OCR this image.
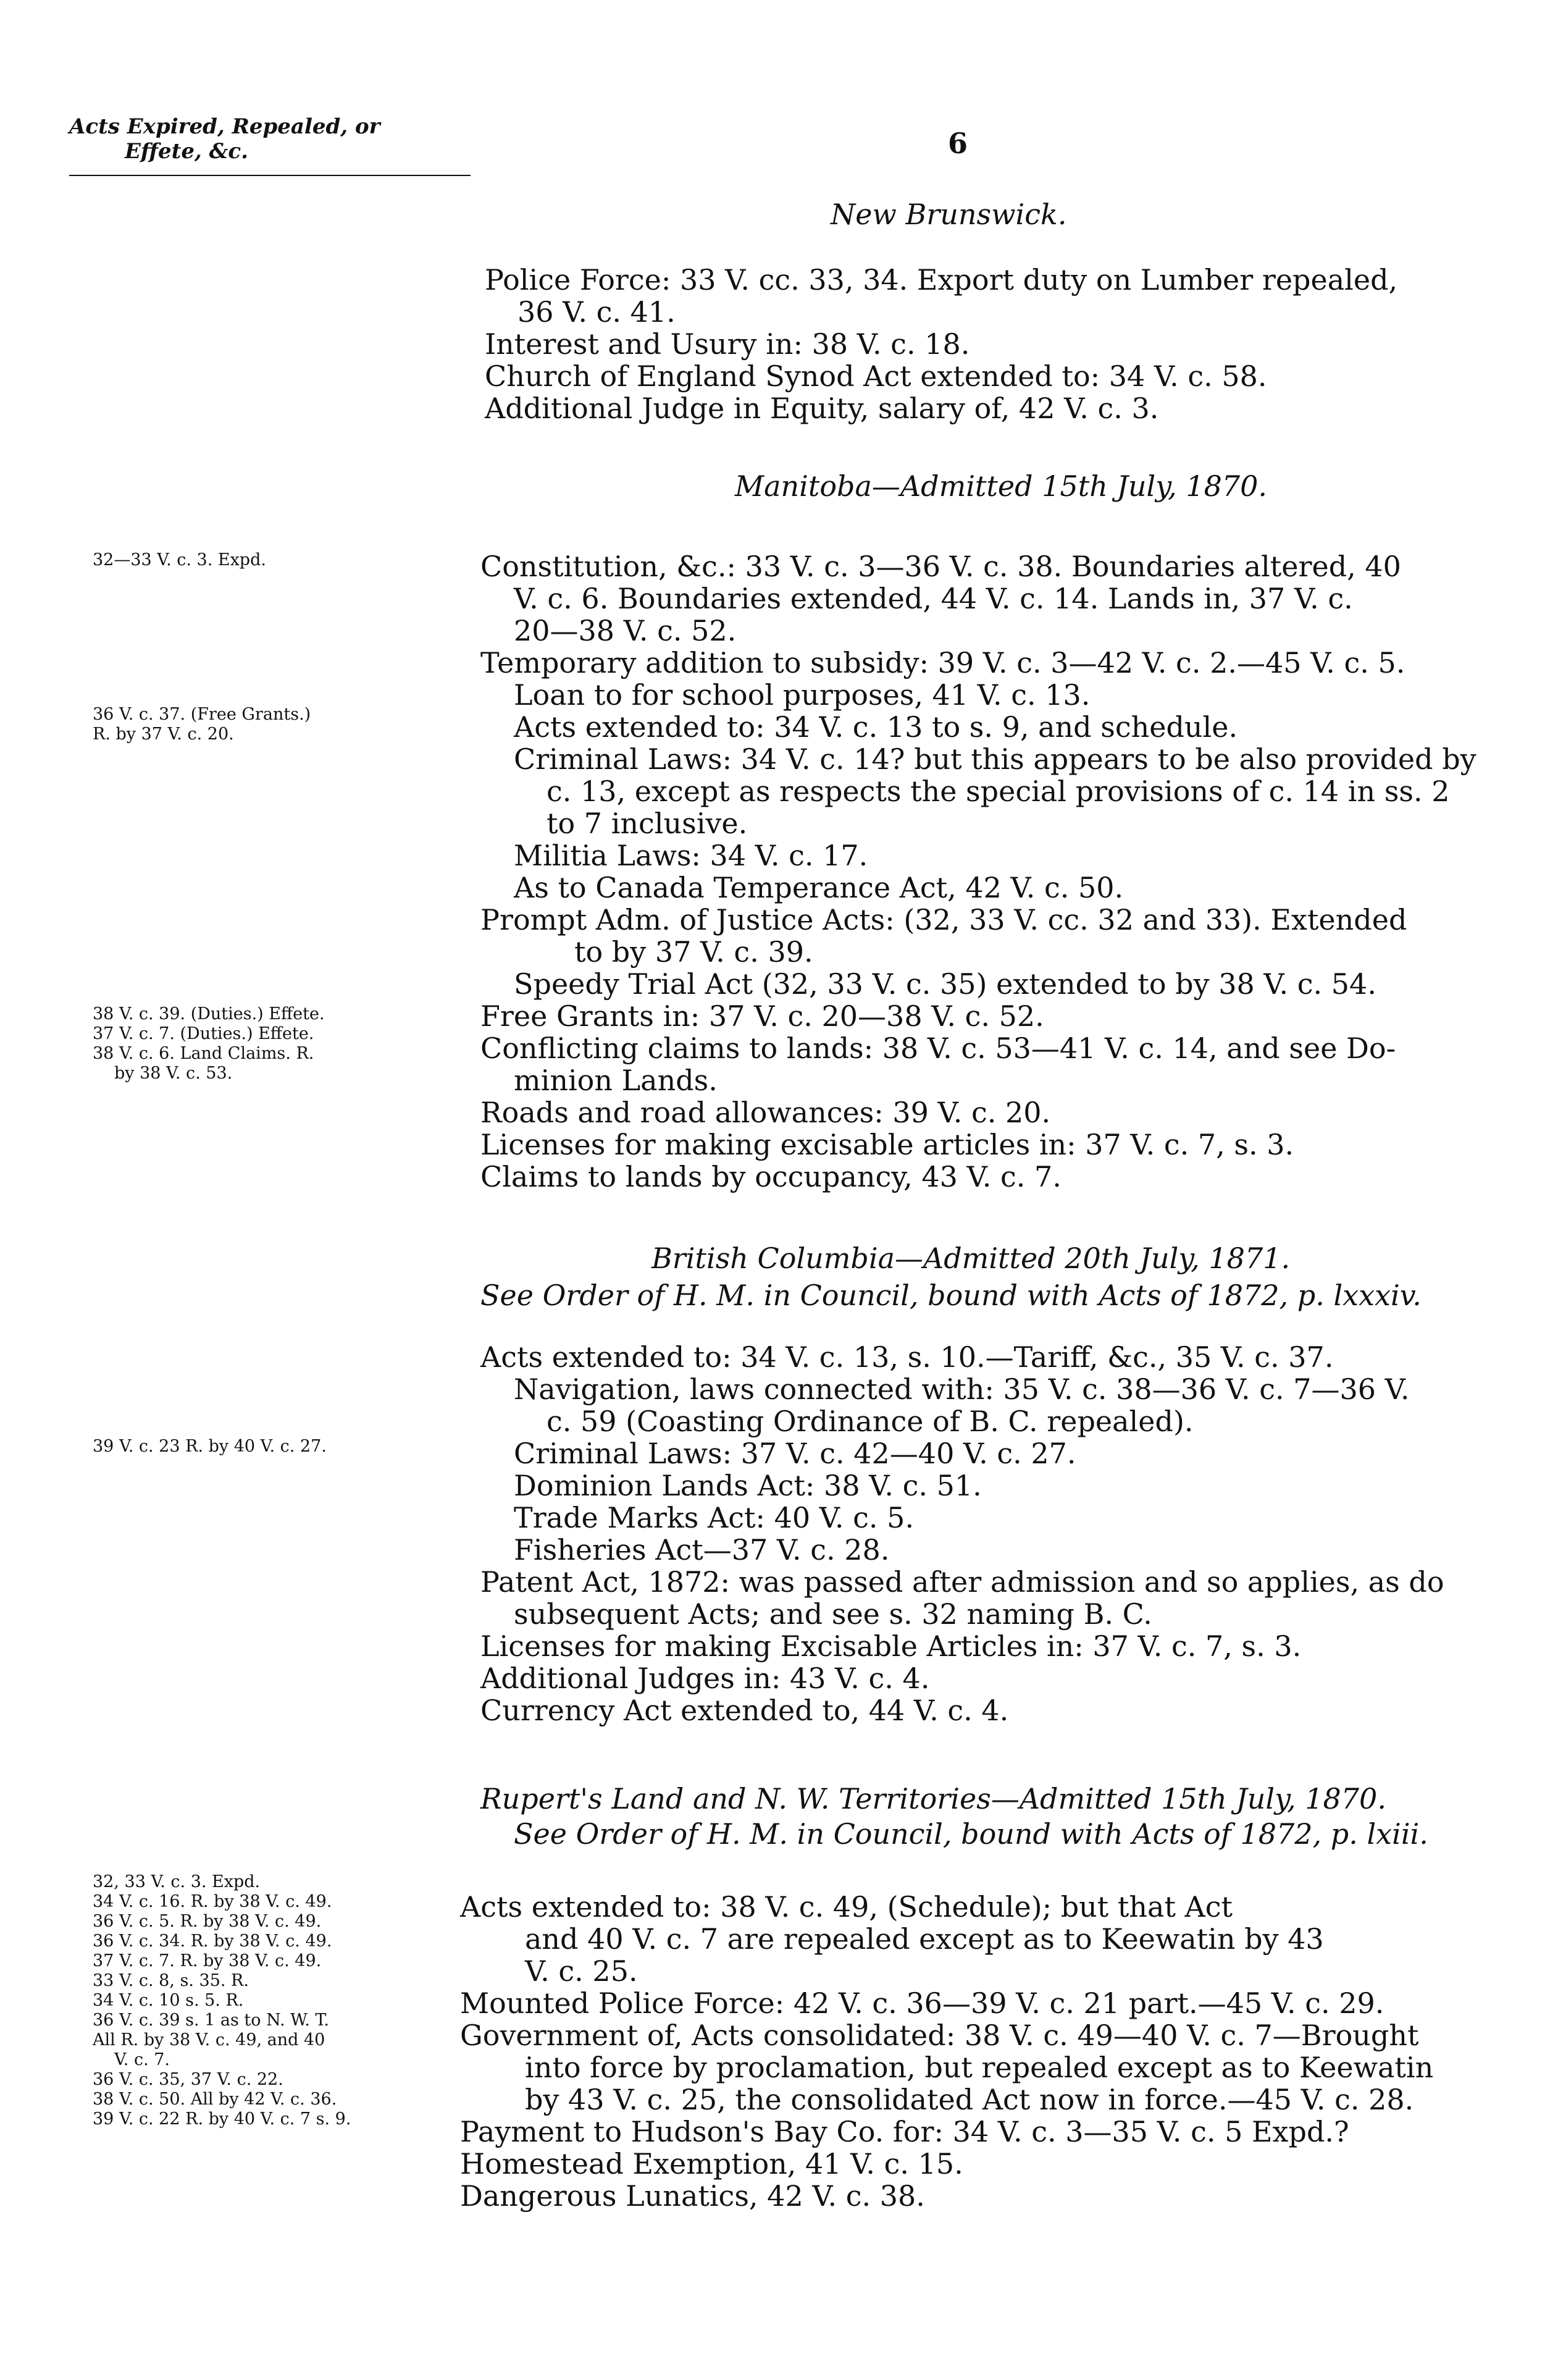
Acts Expired, Repealed, or
Effete, &c.	6
New Brunswick.
Police Force: 33 V. cc. 33, 34. Export duty on Lumber repealed,
36 V. c. 41.
Interest and Usury in: 38 V. c. 18.
Church of England Synod Act extended to: 34 V. c. 58.
Additional Judge in Equity, salary of, 42 V. c. 3.
Manitoba—Admitted 15th July, 1870.
32—33 V. c. 3. Expd.
36 V. c. 37. (Free Grants.)
R. by 37 V. c. 20.
38 V. c. 39. (Duties.) Effete.
37 V. c. 7. (Duties.) Effete.
38 V. c. 6. Land Claims. R.
by 38 V. c. 53.
Constitution, &c.: 33 V. c. 3—36 V. c. 38. Boundaries altered, 40
V. c. 6. Boundaries extended, 44 V. c. 14. Lands in, 37 V. c.
20—38 V. c. 52.
Temporary addition to subsidy: 39 V. c. 3—42 V. c. 2.—45 V. c. 5.
Loan to for school purposes, 41 V. c. 13.
Acts extended to: 34 V. c. 13 to s. 9, and schedule.
Criminal Laws: 34 V. c. 14? but this appears to be also provided by
c. 13, except as respects the special provisions of c. 14 in ss. 2
to 7 inclusive.
Militia Laws: 34 V. c. 17.
As to Canada Temperance Act, 42 V. c. 50.
Prompt Adm. of Justice Acts: (32, 33 V. cc. 32 and 33). Extended
to by 37 V. c. 39.
Speedy Trial Act (32, 33 V. c. 35) extended to by 38 V. c. 54.
Free Grants in: 37 V. c. 20—38 V. c. 52.
Conflicting claims to lands: 38 V. c. 53—41 V. c. 14, and see Do-
minion Lands.
Roads and road allowances: 39 V. c. 20.
Licenses for making excisable articles in: 37 V. c. 7, s. 3.
Claims to lands by occupancy, 43 V. c. 7.
British Columbia—Admitted 20th July, 1871.
See Order of H. M. in Council, bound with Acts of 1872, p. lxxxiv.
39 V. c. 23 R. by 40 V. c. 27.
Acts extended to: 34 V. c. 13, s. 10.—Tariff, &c., 35 V. c. 37.
Navigation, laws connected with: 35 V. c. 38—36 V. c. 7—36 V.
c. 59 (Coasting Ordinance of B. C. repealed).
Criminal Laws: 37 V. c. 42—40 V. c. 27.
Dominion Lands Act: 38 V. c. 51.
Trade Marks Act: 40 V. c. 5.
Fisheries Act—37 V. c. 28.
Patent Act, 1872: was passed after admission and so applies, as do
subsequent Acts; and see s. 32 naming B. C.
Licenses for making Excisable Articles in: 37 V. c. 7, s. 3.
Additional Judges in: 43 V. c. 4.
Currency Act extended to, 44 V. c. 4.
Rupert's Land and N. W. Territories—Admitted 15th July, 1870.
See Order of H. M. in Council, bound with Acts of 1872, p. lxiii.
32, 33 V. c. 3. Expd.
34 V. c. 16. R. by 38 V. c. 49.
36 V. c. 5. R. by 38 V. c. 49.
36 V. c. 34. R. by 38 V. c. 49.
37 V. c. 7. R. by 38 V. c. 49.
33 V. c. 8, s. 35. R.
34 V. c. 10 s. 5. R.
36 V. c. 39 s. 1 as to N. W. T.
All R. by 38 V. c. 49, and 40
V. c. 7.
36 V. c. 35, 37 V. c. 22.
38 V. c. 50. All by 42 V. c. 36.
39 V. c. 22 R. by 40 V. c. 7 s. 9.
Acts extended to: 38 V. c. 49, (Schedule); but that Act
and 40 V. c. 7 are repealed except as to Keewatin by 43
V. c. 25.
Mounted Police Force: 42 V. c. 36—39 V. c. 21 part.—45 V. c. 29.
Government of, Acts consolidated: 38 V. c. 49—40 V. c. 7—Brought
into force by proclamation, but repealed except as to Keewatin
by 43 V. c. 25, the consolidated Act now in force.—45 V. c. 28.
Payment to Hudson's Bay Co. for: 34 V. c. 3—35 V. c. 5 Expd.?
Homestead Exemption, 41 V. c. 15.
Dangerous Lunatics, 42 V. c. 38.
